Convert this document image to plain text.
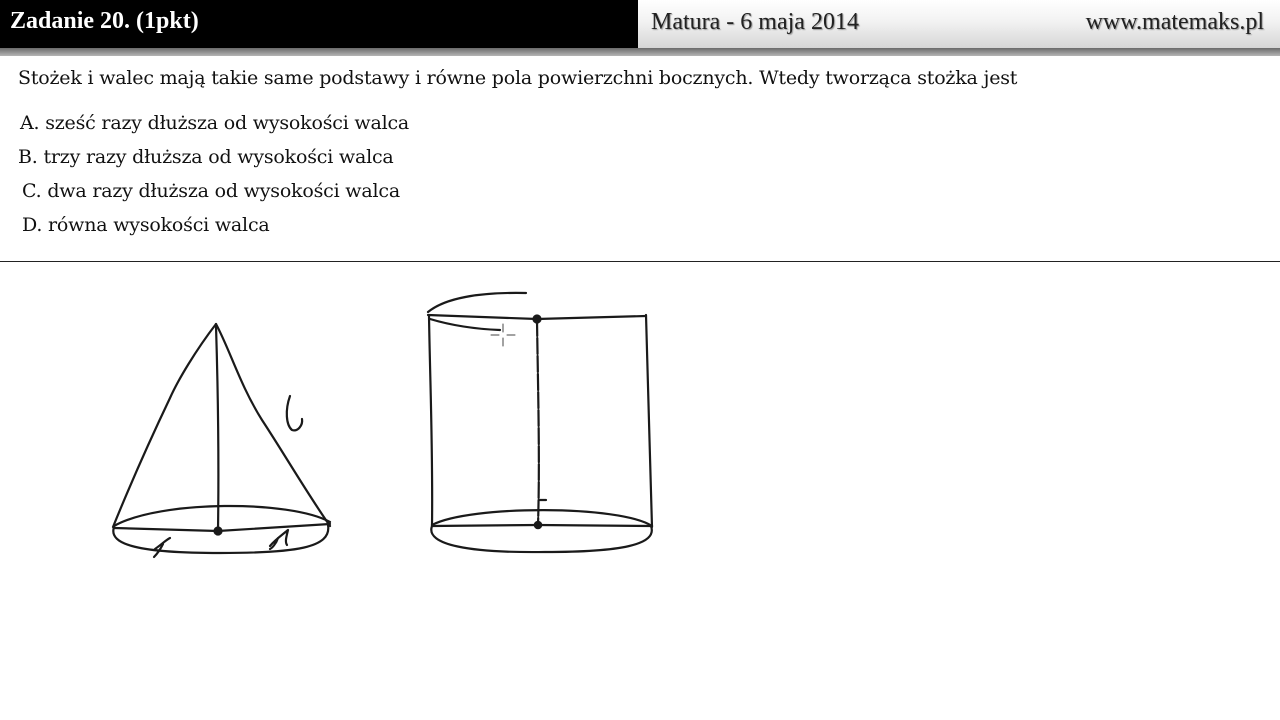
Zadanie 20. (1pkt)	Matura - 6 maja 2014	www.matemaks.pl
Stożek i walec mają takie same podstawy i równe pola powierzchni bocznych. Wtedy tworząca stożka jest
A. sześć razy dłuższa od wysokości walca
B. trzy razy dłuższa od wysokości walca
C. dwa razy dłuższa od wysokości walca
D. równa wysokości walca
l
